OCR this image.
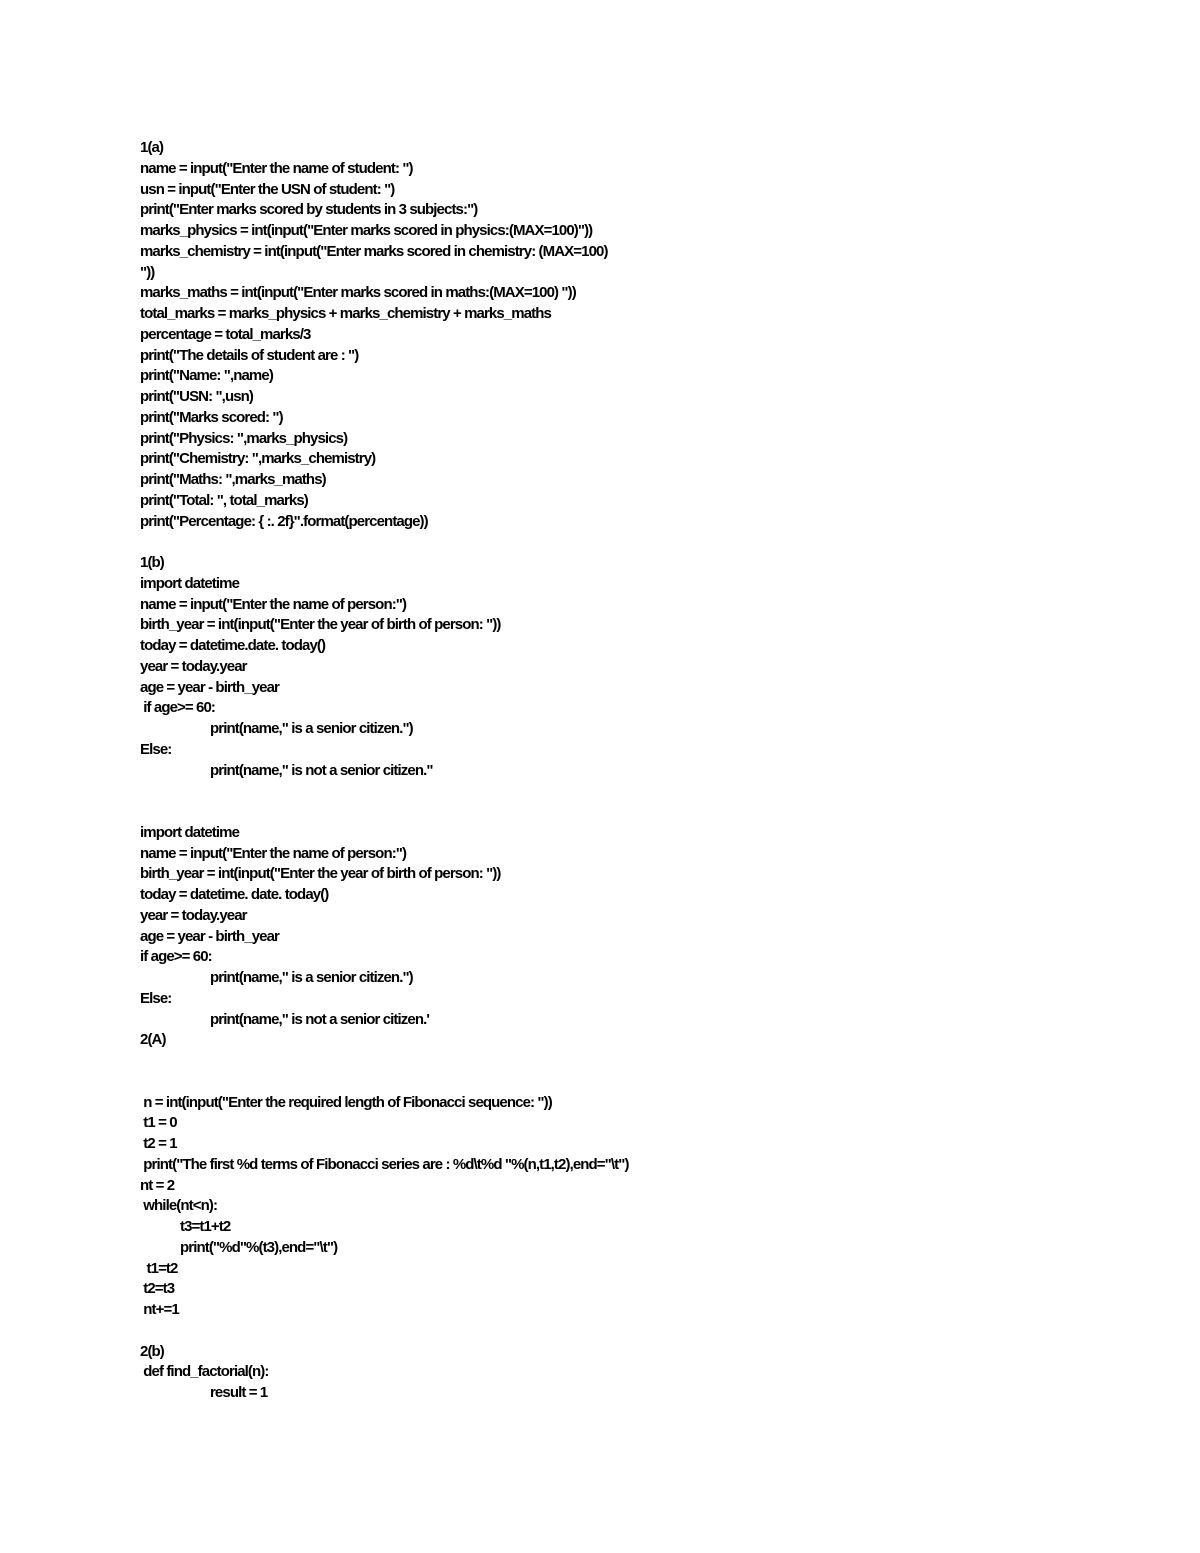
1(a)
name = input("Enter the name of student: ")
usn = input("Enter the USN of student: ")
print("Enter marks scored by students in 3 subjects:")
marks_physics = int(input("Enter marks scored in physics:(MAX=100)"))
marks_chemistry = int(input("Enter marks scored in chemistry: (MAX=100)
"))
marks_maths = int(input("Enter marks scored in maths:(MAX=100) "))
total_marks = marks_physics + marks_chemistry + marks_maths
percentage = total_marks/3
print("The details of student are : ")
print("Name: ",name)
print("USN: ",usn)
print("Marks scored: ")
print("Physics: ",marks_physics)
print("Chemistry: ",marks_chemistry)
print("Maths: ",marks_maths)
print("Total: ", total_marks)
print("Percentage: { :. 2f}".format(percentage))
1(b)
import datetime
name = input("Enter the name of person:")
birth_year = int(input("Enter the year of birth of person: "))
today = datetime.date. today()
year = today.year
age = year - birth_year
if age>= 60:
print(name," is a senior citizen.")
Else:
print(name," is not a senior citizen."
import datetime
name = input("Enter the name of person:")
birth_year = int(input("Enter the year of birth of person: "))
today = datetime. date. today()
year = today.year
age = year - birth_year
if age>= 60:
print(name," is a senior citizen.")
Else:
print(name," is not a senior citizen.'
2(A)
n = int(input("Enter the required length of Fibonacci sequence: "))
t1 = 0
t2 = 1
print("The first %d terms of Fibonacci series are : %d\t%d "%(n,t1,t2),end="\t")
nt = 2
while(nt<n):
t3=t1+t2
print("%d"%(t3),end="\t")
t1=t2
t2=t3
nt+=1
2(b)
def find_factorial(n):
result = 1
